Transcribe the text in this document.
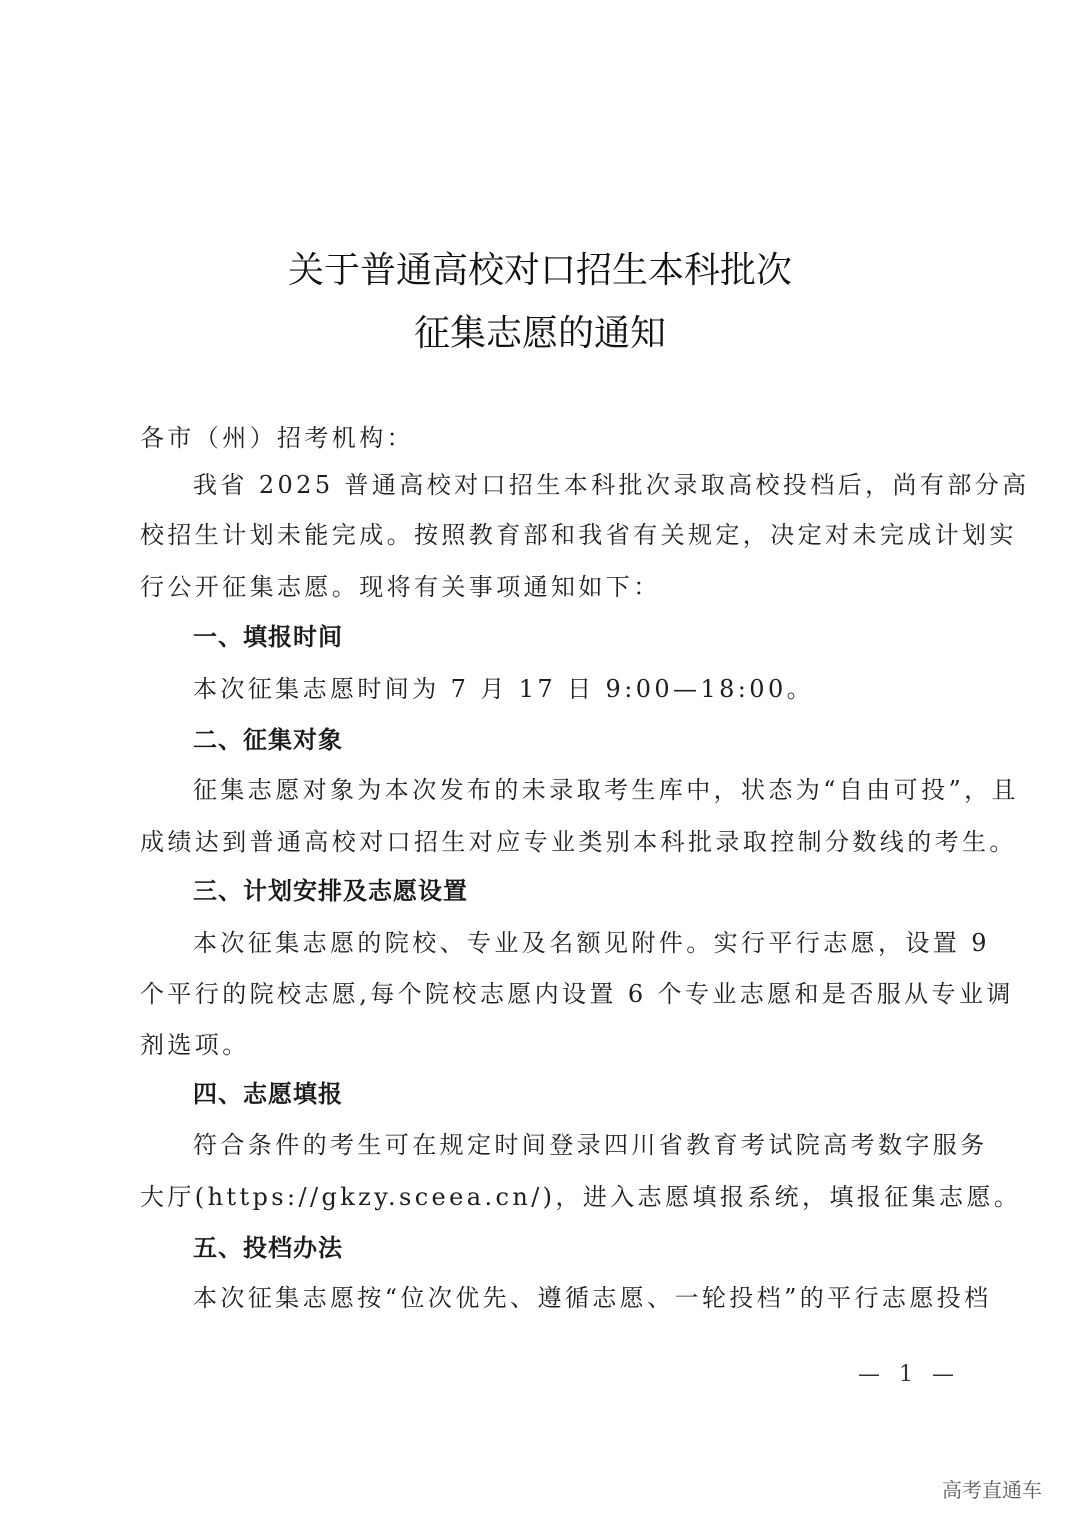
关于普通高校对口招生本科批次
征集志愿的通知
各市（州）招考机构：
我省 2025 普通高校对口招生本科批次录取高校投档后，尚有部分高
校招生计划未能完成。按照教育部和我省有关规定，决定对未完成计划实
行公开征集志愿。现将有关事项通知如下：
一、填报时间
本次征集志愿时间为 7 月 17 日 9:00—18:00。
二、征集对象
征集志愿对象为本次发布的未录取考生库中，状态为“自由可投”，且
成绩达到普通高校对口招生对应专业类别本科批录取控制分数线的考生。
三、计划安排及志愿设置
本次征集志愿的院校、专业及名额见附件。实行平行志愿，设置 9
个平行的院校志愿,每个院校志愿内设置 6 个专业志愿和是否服从专业调
剂选项。
四、志愿填报
符合条件的考生可在规定时间登录四川省教育考试院高考数字服务
大厅(https://gkzy.sceea.cn/)，进入志愿填报系统，填报征集志愿。
五、投档办法
本次征集志愿按“位次优先、遵循志愿、一轮投档”的平行志愿投档
— 1 —
高考直通车
